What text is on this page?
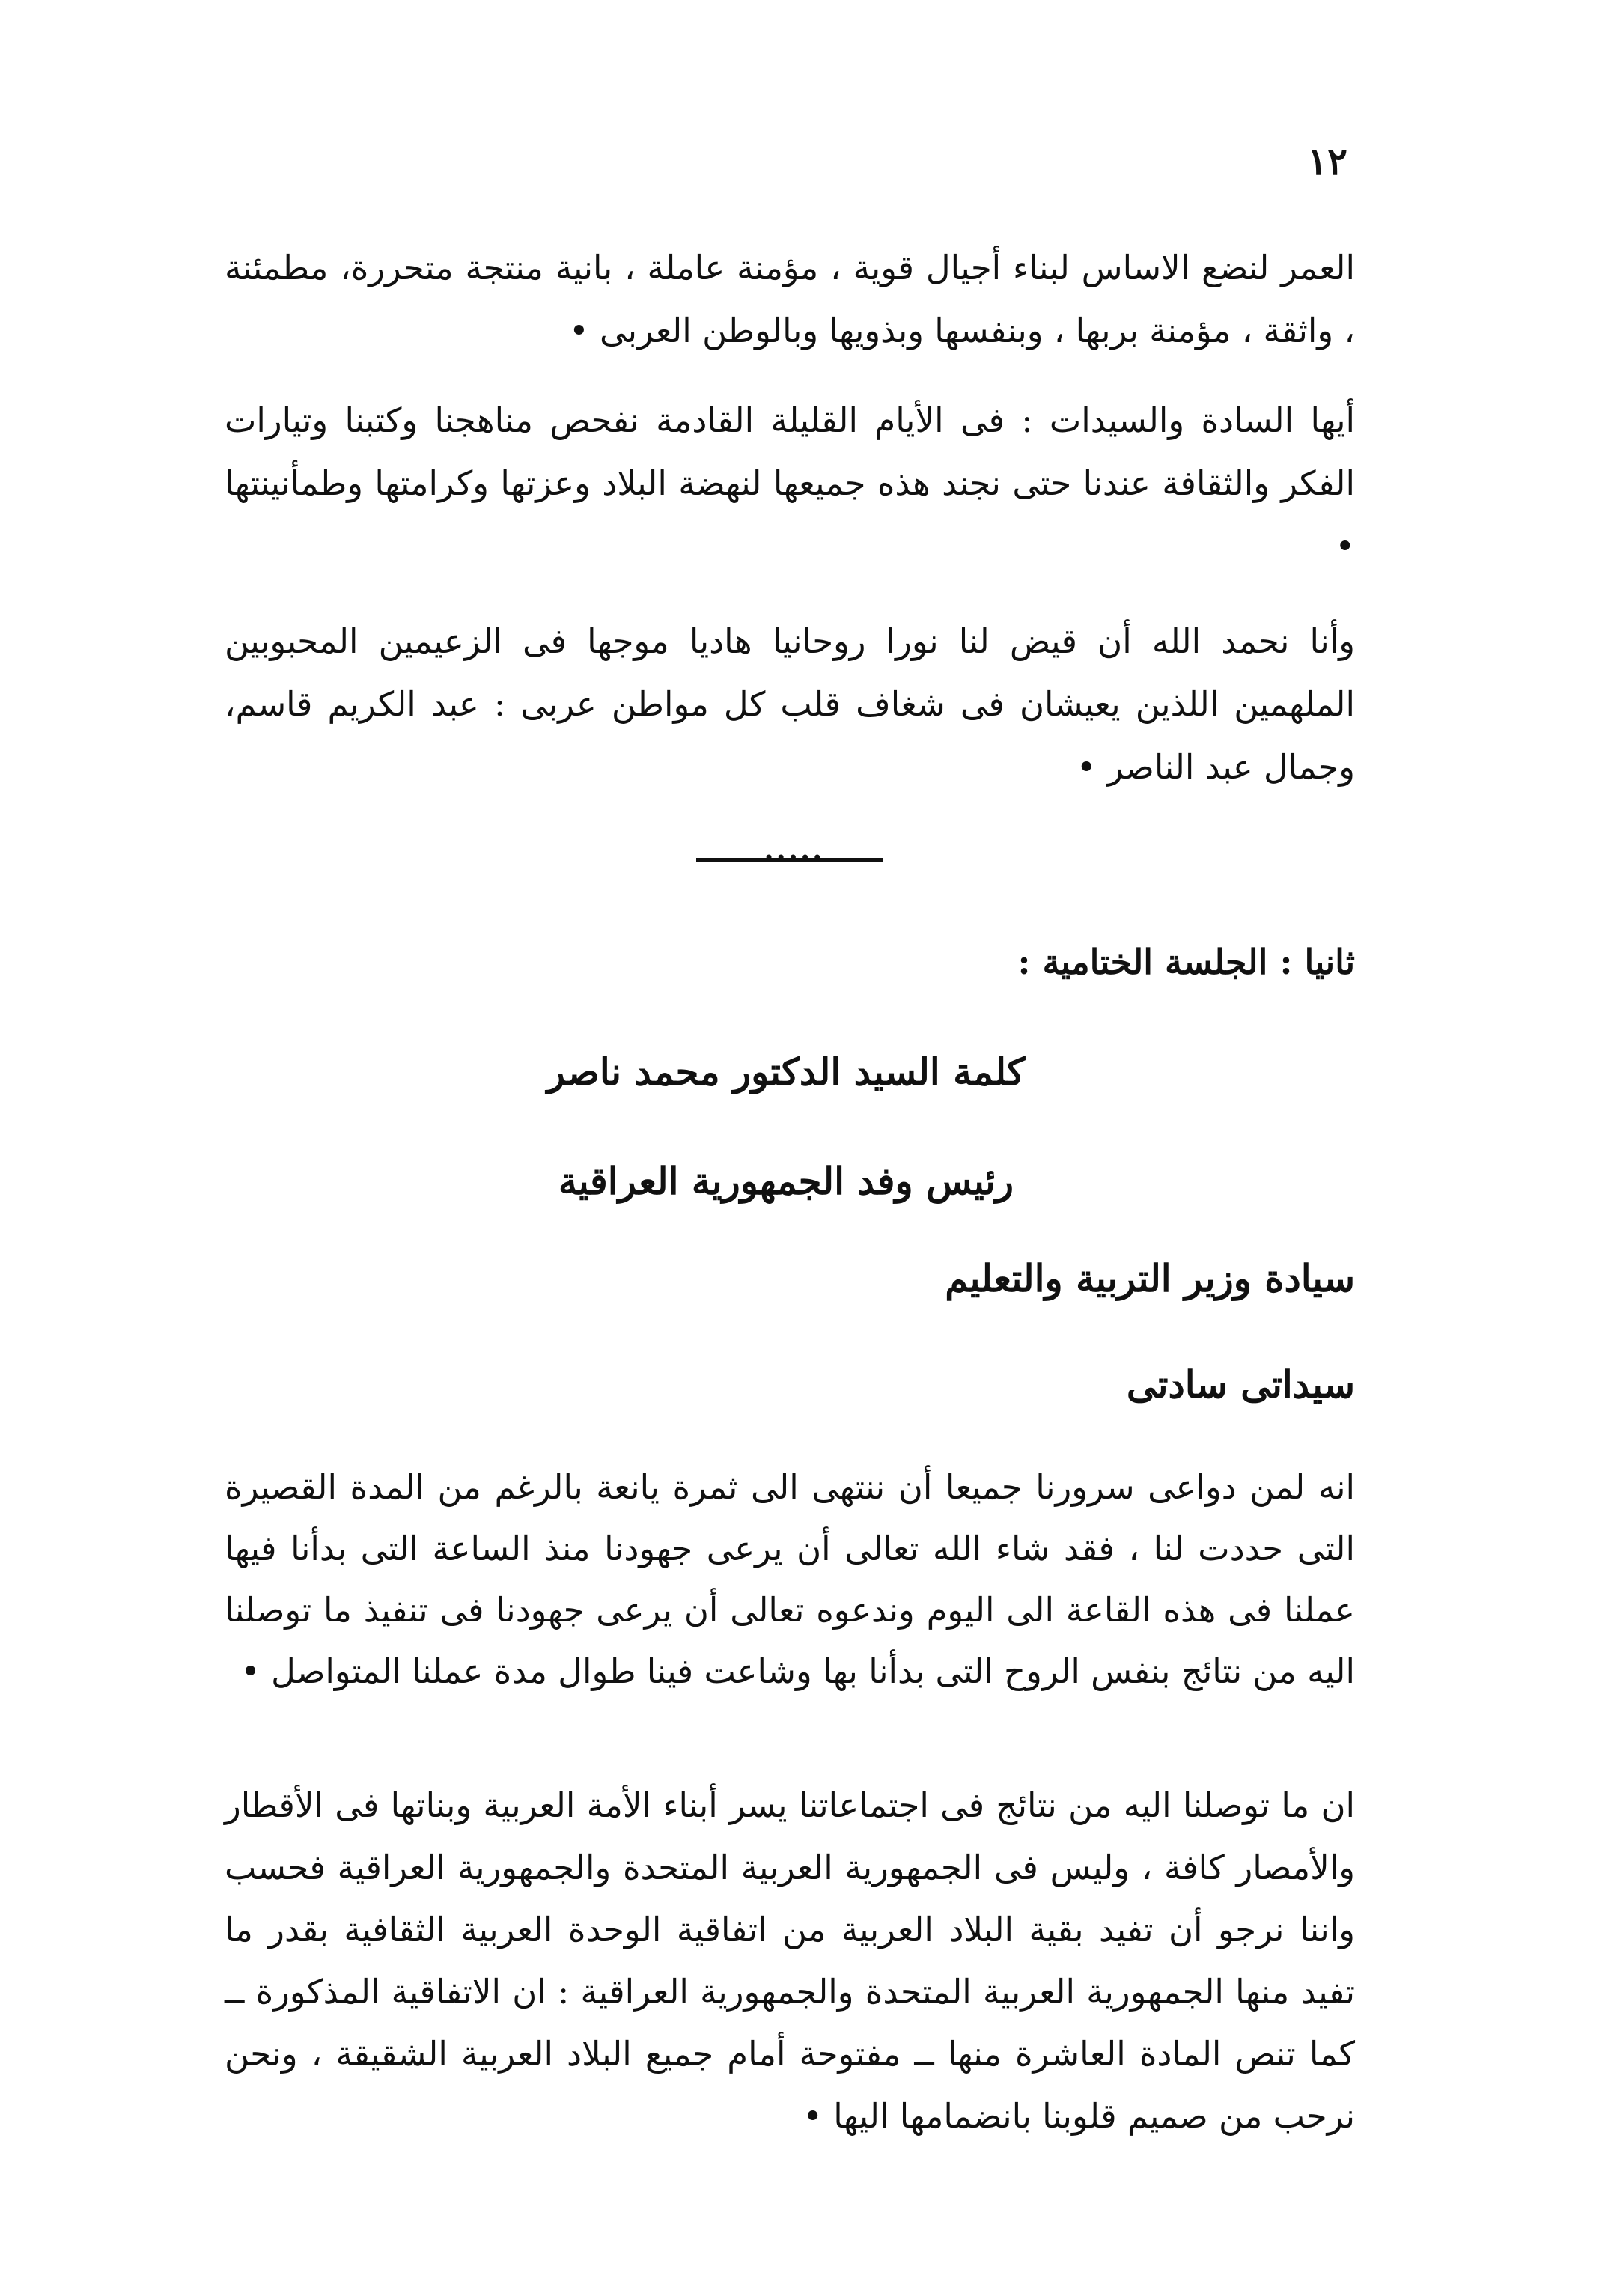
١٢

العمر لنضع الاساس لبناء أجيال قوية ، مؤمنة عاملة ، بانية منتجة متحررة، مطمئنة ، واثقة ، مؤمنة بربها ، وبنفسها وبذويها وبالوطن العربى •

أيها السادة والسيدات : فى الأيام القليلة القادمة نفحص مناهجنا وكتبنا وتيارات الفكر والثقافة عندنا حتى نجند هذه جميعها لنهضة البلاد وعزتها وكرامتها وطمأنينتها •

وأنا نحمد الله أن قيض لنا نورا روحانيا هاديا موجها فى الزعيمين المحبوبين الملهمين اللذين يعيشان فى شغاف قلب كل مواطن عربى : عبد الكريم قاسم، وجمال عبد الناصر •

•••••
ثانيا : الجلسة الختامية :
كلمة السيد الدكتور محمد ناصر
رئيس وفد الجمهورية العراقية
سيادة وزير التربية والتعليم
سيداتى سادتى

انه لمن دواعى سرورنا جميعا أن ننتهى الى ثمرة يانعة بالرغم من المدة القصيرة التى حددت لنا ، فقد شاء الله تعالى أن يرعى جهودنا منذ الساعة التى بدأنا فيها عملنا فى هذه القاعة الى اليوم وندعوه تعالى أن يرعى جهودنا فى تنفيذ ما توصلنا اليه من نتائج بنفس الروح التى بدأنا بها وشاعت فينا طوال مدة عملنا المتواصل •

ان ما توصلنا اليه من نتائج فى اجتماعاتنا يسر أبناء الأمة العربية وبناتها فى الأقطار والأمصار كافة ، وليس فى الجمهورية العربية المتحدة والجمهورية العراقية فحسب واننا نرجو أن تفيد بقية البلاد العربية من اتفاقية الوحدة العربية الثقافية بقدر ما تفيد منها الجمهورية العربية المتحدة والجمهورية العراقية : ان الاتفاقية المذكورة ــ كما تنص المادة العاشرة منها ــ مفتوحة أمام جميع البلاد العربية الشقيقة ، ونحن نرحب من صميم قلوبنا بانضمامها اليها •
